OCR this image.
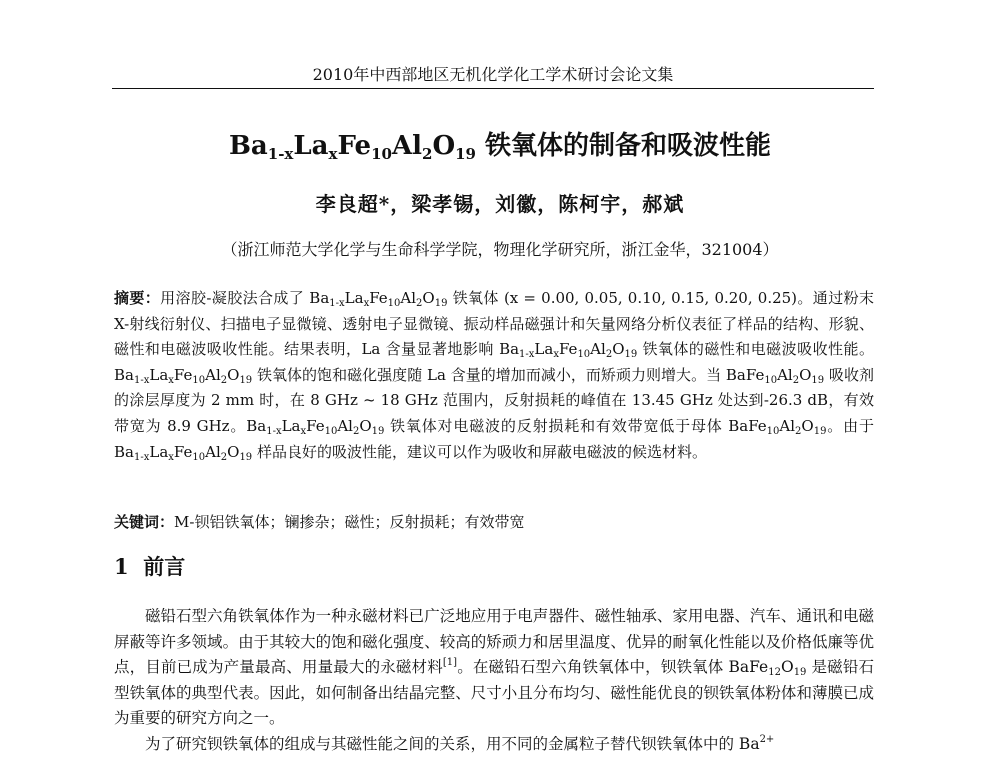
2010年中西部地区无机化学化工学术研讨会论文集
$Ba_{1-x}La_xFe_{10}Al_2O_{19}$ 铁氧体的制备和吸波性能
李良超*，梁孝锡，刘徽，陈柯宇，郝斌
（浙江师范大学化学与生命科学学院，物理化学研究所，浙江金华，321004）
摘要：用溶胶-凝胶法合成了 $Ba_{1-x}La_xFe_{10}Al_2O_{19}$ 铁氧体 (x = 0.00, 0.05, 0.10, 0.15, 0.20, 0.25)。通过粉末 X-射线衍射仪、扫描电子显微镜、透射电子显微镜、振动样品磁强计和矢量网络分析仪表征了样品的结构、形貌、磁性和电磁波吸收性能。结果表明，La 含量显著地影响 $Ba_{1-x}La_xFe_{10}Al_2O_{19}$ 铁氧体的磁性和电磁波吸收性能。$Ba_{1-x}La_xFe_{10}Al_2O_{19}$ 铁氧体的饱和磁化强度随 La 含量的增加而减小，而矫顽力则增大。当 $BaFe_{10}Al_2O_{19}$ 吸收剂的涂层厚度为 2 mm 时，在 8 GHz ~ 18 GHz 范围内，反射损耗的峰值在 13.45 GHz 处达到-26.3 dB，有效带宽为 8.9 GHz。$Ba_{1-x}La_xFe_{10}Al_2O_{19}$ 铁氧体对电磁波的反射损耗和有效带宽低于母体 $BaFe_{10}Al_2O_{19}$。由于 $Ba_{1-x}La_xFe_{10}Al_2O_{19}$ 样品良好的吸波性能，建议可以作为吸收和屏蔽电磁波的候选材料。
关键词：M-钡铝铁氧体；镧掺杂；磁性；反射损耗；有效带宽
1 前言

磁铅石型六角铁氧体作为一种永磁材料已广泛地应用于电声器件、磁性轴承、家用电器、汽车、通讯和电磁屏蔽等许多领域。由于其较大的饱和磁化强度、较高的矫顽力和居里温度、优异的耐氧化性能以及价格低廉等优点，目前已成为产量最高、用量最大的永磁材料[1]。在磁铅石型六角铁氧体中，钡铁氧体 $BaFe_{12}O_{19}$ 是磁铅石型铁氧体的典型代表。因此，如何制备出结晶完整、尺寸小且分布均匀、磁性能优良的钡铁氧体粉体和薄膜已成为重要的研究方向之一。

为了研究钡铁氧体的组成与其磁性能之间的关系，用不同的金属粒子替代钡铁氧体中的 $Ba^{2+}$
